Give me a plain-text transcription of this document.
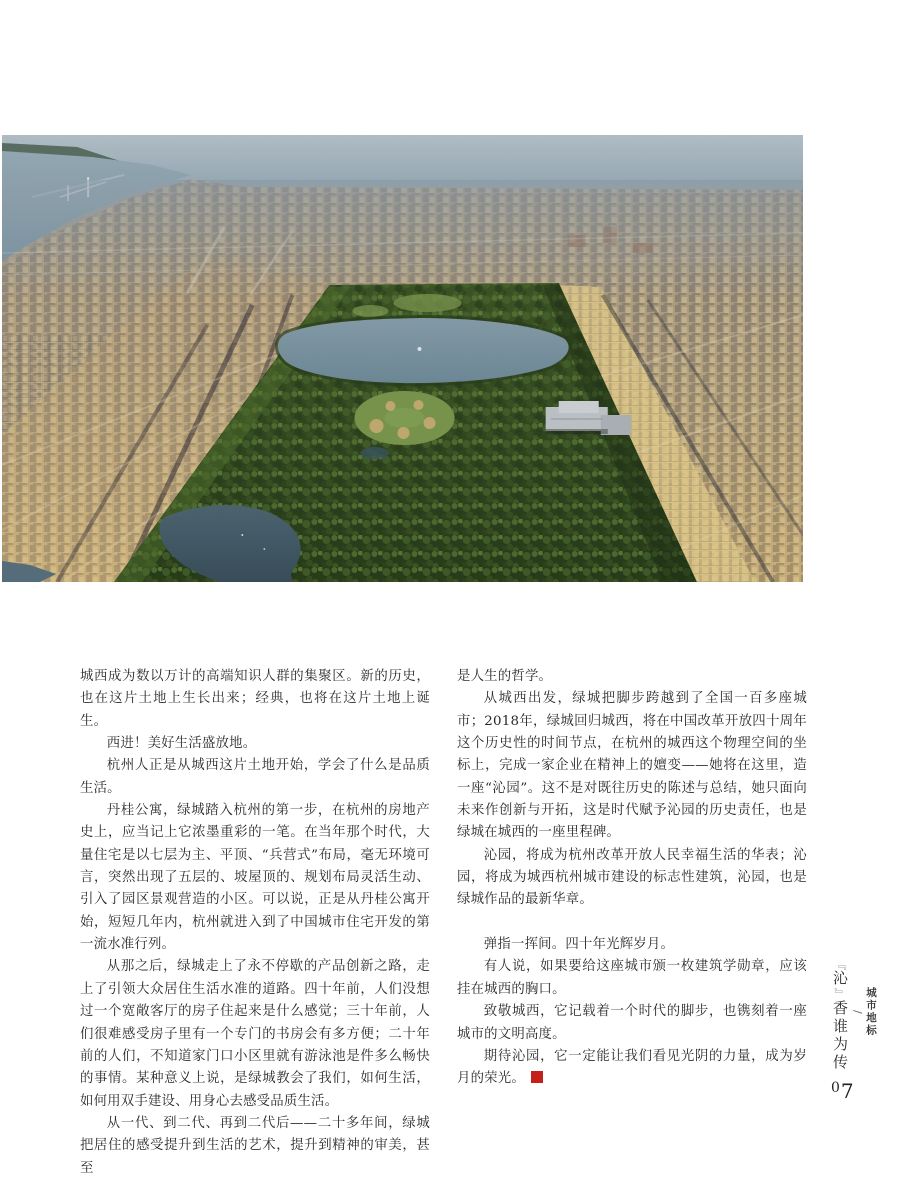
城西成为数以万计的高端知识人群的集聚区。新的历史，也在这片土地上生长出来；经典，也将在这片土地上诞生。

西进！美好生活盛放地。

杭州人正是从城西这片土地开始，学会了什么是品质生活。

丹桂公寓，绿城踏入杭州的第一步，在杭州的房地产史上，应当记上它浓墨重彩的一笔。在当年那个时代，大量住宅是以七层为主、平顶、“兵营式”布局，毫无环境可言，突然出现了五层的、坡屋顶的、规划布局灵活生动、引入了园区景观营造的小区。可以说，正是从丹桂公寓开始，短短几年内，杭州就进入到了中国城市住宅开发的第一流水准行列。

从那之后，绿城走上了永不停歇的产品创新之路，走上了引领大众居住生活水准的道路。四十年前，人们没想过一个宽敞客厅的房子住起来是什么感觉；三十年前，人们很难感受房子里有一个专门的书房会有多方便；二十年前的人们，不知道家门口小区里就有游泳池是件多么畅快的事情。某种意义上说，是绿城教会了我们，如何生活，如何用双手建设、用身心去感受品质生活。

从一代、到二代、再到二代后——二十多年间，绿城把居住的感受提升到生活的艺术，提升到精神的审美，甚至

是人生的哲学。

从城西出发，绿城把脚步跨越到了全国一百多座城市；2018年，绿城回归城西，将在中国改革开放四十周年这个历史性的时间节点，在杭州的城西这个物理空间的坐标上，完成一家企业在精神上的嬗变——她将在这里，造一座“沁园”。这不是对既往历史的陈述与总结，她只面向未来作创新与开拓，这是时代赋予沁园的历史责任，也是绿城在城西的一座里程碑。

沁园，将成为杭州改革开放人民幸福生活的华表；沁园，将成为城西杭州城市建设的标志性建筑，沁园，也是绿城作品的最新华章。

弹指一挥间。四十年光辉岁月。

有人说，如果要给这座城市颁一枚建筑学勋章，应该挂在城西的胸口。

致敬城西，它记载着一个时代的脚步，也镌刻着一座城市的文明高度。

期待沁园，它一定能让我们看见光阴的力量，成为岁月的荣光。

城市地标
/
『沁』香谁为传
0 7
